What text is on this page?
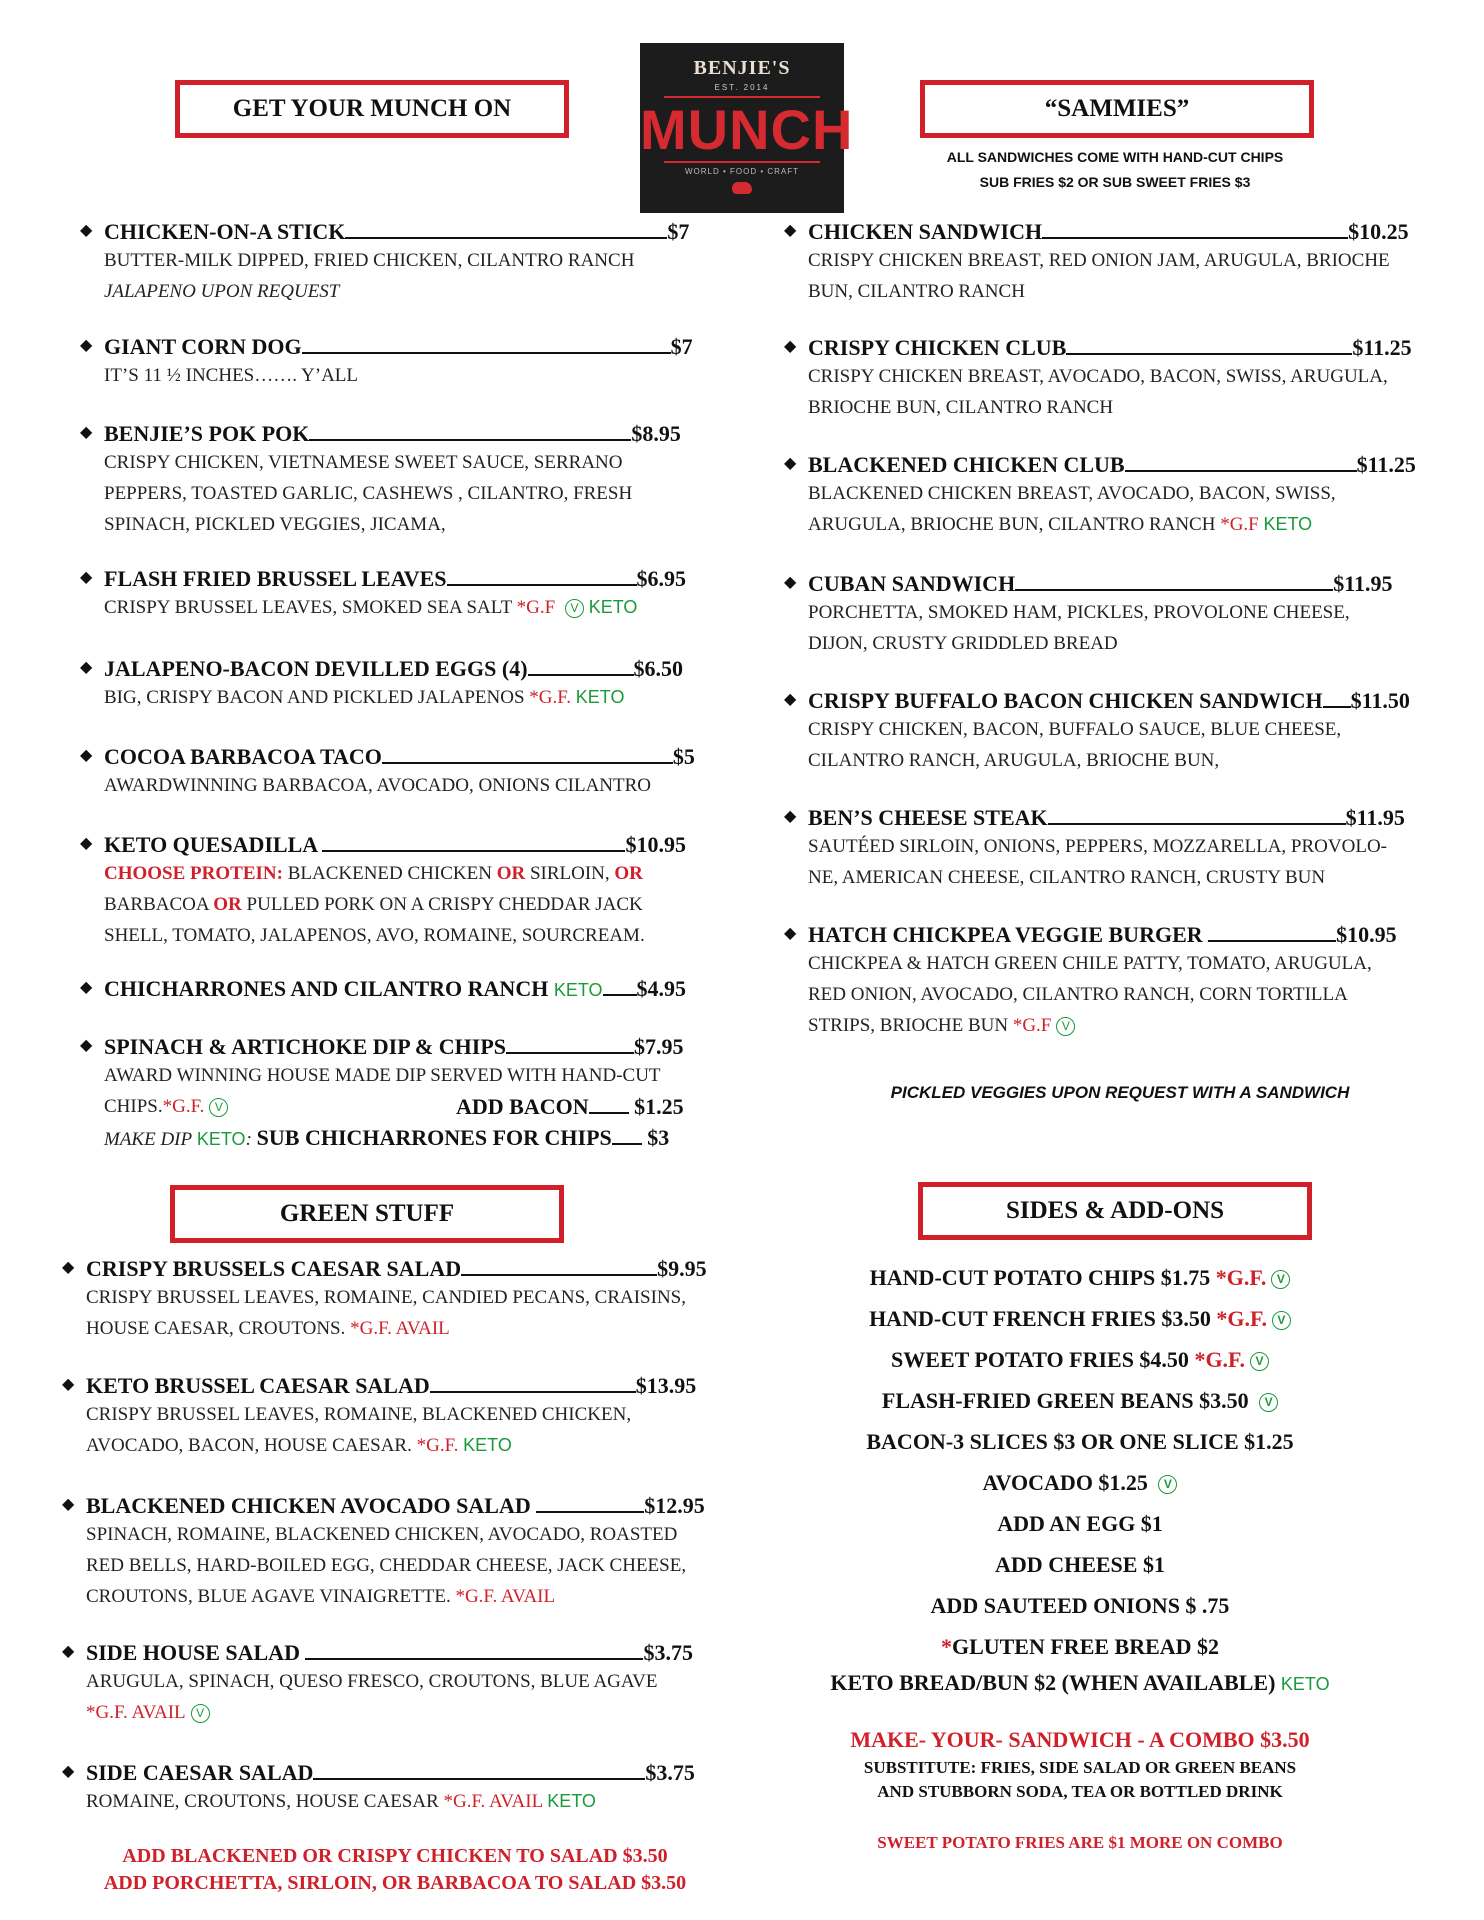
GET YOUR MUNCH ON	“SAMMIES”
BENJIE'S
EST. 2014
MUNCH
WORLD • FOOD • CRAFT
ALL SANDWICHES COME WITH HAND-CUT CHIPS
SUB FRIES $2 OR SUB SWEET FRIES $3
◆ CHICKEN-ON-A STICK	$7
BUTTER-MILK DIPPED, FRIED CHICKEN, CILANTRO RANCH
JALAPENO UPON REQUEST
◆ GIANT CORN DOG	$7
IT’S 11 ½ INCHES……. Y’ALL
◆ BENJIE’S POK POK	$8.95
CRISPY CHICKEN, VIETNAMESE SWEET SAUCE, SERRANO
PEPPERS, TOASTED GARLIC, CASHEWS , CILANTRO, FRESH
SPINACH, PICKLED VEGGIES, JICAMA,
◆ FLASH FRIED BRUSSEL LEAVES	$6.95
CRISPY BRUSSEL LEAVES, SMOKED SEA SALT *G.F V KETO
◆ JALAPENO-BACON DEVILLED EGGS (4)	$6.50
BIG, CRISPY BACON AND PICKLED JALAPENOS *G.F. KETO
◆ COCOA BARBACOA TACO	$5
AWARDWINNING BARBACOA, AVOCADO, ONIONS CILANTRO
◆ KETO QUESADILLA	$10.95
CHOOSE PROTEIN: BLACKENED CHICKEN OR SIRLOIN, OR
BARBACOA OR PULLED PORK ON A CRISPY CHEDDAR JACK
SHELL, TOMATO, JALAPENOS, AVO, ROMAINE, SOURCREAM.
◆ CHICHARRONES AND CILANTRO RANCH KETO $4.95
◆ SPINACH & ARTICHOKE DIP & CHIPS	$7.95
AWARD WINNING HOUSE MADE DIP SERVED WITH HAND-CUT
CHIPS.*G.F. V	ADD BACON $1.25
MAKE DIP KETO: SUB CHICHARRONES FOR CHIPS $3
◆ CHICKEN SANDWICH	$10.25
CRISPY CHICKEN BREAST, RED ONION JAM, ARUGULA, BRIOCHE
BUN, CILANTRO RANCH
◆ CRISPY CHICKEN CLUB	$11.25
CRISPY CHICKEN BREAST, AVOCADO, BACON, SWISS, ARUGULA,
BRIOCHE BUN, CILANTRO RANCH
◆ BLACKENED CHICKEN CLUB	$11.25
BLACKENED CHICKEN BREAST, AVOCADO, BACON, SWISS,
ARUGULA, BRIOCHE BUN, CILANTRO RANCH *G.F KETO
◆ CUBAN SANDWICH	$11.95
PORCHETTA, SMOKED HAM, PICKLES, PROVOLONE CHEESE,
DIJON, CRUSTY GRIDDLED BREAD
◆ CRISPY BUFFALO BACON CHICKEN SANDWICH $11.50
CRISPY CHICKEN, BACON, BUFFALO SAUCE, BLUE CHEESE,
CILANTRO RANCH, ARUGULA, BRIOCHE BUN,
◆ BEN’S CHEESE STEAK	$11.95
SAUTÉED SIRLOIN, ONIONS, PEPPERS, MOZZARELLA, PROVOLO-
NE, AMERICAN CHEESE, CILANTRO RANCH, CRUSTY BUN
◆ HATCH CHICKPEA VEGGIE BURGER	$10.95
CHICKPEA & HATCH GREEN CHILE PATTY, TOMATO, ARUGULA,
RED ONION, AVOCADO, CILANTRO RANCH, CORN TORTILLA
STRIPS, BRIOCHE BUN *G.F V
PICKLED VEGGIES UPON REQUEST WITH A SANDWICH
GREEN STUFF
◆ CRISPY BRUSSELS CAESAR SALAD	$9.95
CRISPY BRUSSEL LEAVES, ROMAINE, CANDIED PECANS, CRAISINS,
HOUSE CAESAR, CROUTONS. *G.F. AVAIL
◆ KETO BRUSSEL CAESAR SALAD	$13.95
CRISPY BRUSSEL LEAVES, ROMAINE, BLACKENED CHICKEN,
AVOCADO, BACON, HOUSE CAESAR. *G.F. KETO
◆ BLACKENED CHICKEN AVOCADO SALAD	$12.95
SPINACH, ROMAINE, BLACKENED CHICKEN, AVOCADO, ROASTED
RED BELLS, HARD-BOILED EGG, CHEDDAR CHEESE, JACK CHEESE,
CROUTONS, BLUE AGAVE VINAIGRETTE. *G.F. AVAIL
◆ SIDE HOUSE SALAD	$3.75
ARUGULA, SPINACH, QUESO FRESCO, CROUTONS, BLUE AGAVE
*G.F. AVAIL V
◆ SIDE CAESAR SALAD	$3.75
ROMAINE, CROUTONS, HOUSE CAESAR *G.F. AVAIL KETO
ADD BLACKENED OR CRISPY CHICKEN TO SALAD $3.50
ADD PORCHETTA, SIRLOIN, OR BARBACOA TO SALAD $3.50
SIDES & ADD-ONS
HAND-CUT POTATO CHIPS $1.75 *G.F. V
HAND-CUT FRENCH FRIES $3.50 *G.F. V
SWEET POTATO FRIES $4.50 *G.F. V
FLASH-FRIED GREEN BEANS $3.50 V
BACON-3 SLICES $3 OR ONE SLICE $1.25
AVOCADO $1.25 V
ADD AN EGG $1
ADD CHEESE $1
ADD SAUTEED ONIONS $ .75
*GLUTEN FREE BREAD $2
KETO BREAD/BUN $2 (WHEN AVAILABLE) KETO
MAKE- YOUR- SANDWICH - A COMBO $3.50
SUBSTITUTE: FRIES, SIDE SALAD OR GREEN BEANS
AND STUBBORN SODA, TEA OR BOTTLED DRINK
SWEET POTATO FRIES ARE $1 MORE ON COMBO
